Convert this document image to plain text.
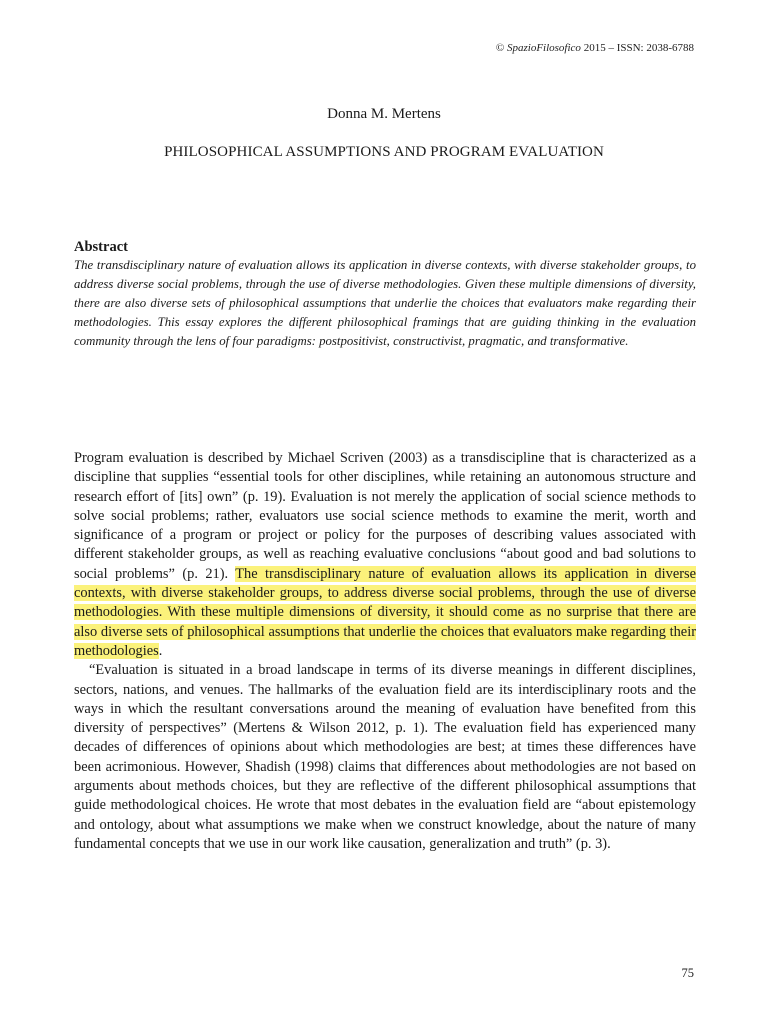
© SpazioFilosofico 2015 – ISSN: 2038-6788
Donna M. Mertens
PHILOSOPHICAL ASSUMPTIONS AND PROGRAM EVALUATION

Abstract

The transdisciplinary nature of evaluation allows its application in diverse contexts, with diverse stakeholder groups, to address diverse social problems, through the use of diverse methodologies. Given these multiple dimensions of diversity, there are also diverse sets of philosophical assumptions that underlie the choices that evaluators make regarding their methodologies. This essay explores the different philosophical framings that are guiding thinking in the evaluation community through the lens of four paradigms: postpositivist, constructivist, pragmatic, and transformative.

Program evaluation is described by Michael Scriven (2003) as a transdiscipline that is characterized as a discipline that supplies “essential tools for other disciplines, while retaining an autonomous structure and research effort of [its] own” (p. 19). Evaluation is not merely the application of social science methods to solve social problems; rather, evaluators use social science methods to examine the merit, worth and significance of a program or project or policy for the purposes of describing values associated with different stakeholder groups, as well as reaching evaluative conclusions “about good and bad solutions to social problems” (p. 21). The transdisciplinary nature of evaluation allows its application in diverse contexts, with diverse stakeholder groups, to address diverse social problems, through the use of diverse methodologies. With these multiple dimensions of diversity, it should come as no surprise that there are also diverse sets of philosophical assumptions that underlie the choices that evaluators make regarding their methodologies.

“Evaluation is situated in a broad landscape in terms of its diverse meanings in different disciplines, sectors, nations, and venues. The hallmarks of the evaluation field are its interdisciplinary roots and the ways in which the resultant conversations around the meaning of evaluation have benefited from this diversity of perspectives” (Mertens & Wilson 2012, p. 1). The evaluation field has experienced many decades of differences of opinions about which methodologies are best; at times these differences have been acrimonious. However, Shadish (1998) claims that differences about methodologies are not based on arguments about methods choices, but they are reflective of the different philosophical assumptions that guide methodological choices. He wrote that most debates in the evaluation field are “about epistemology and ontology, about what assumptions we make when we construct knowledge, about the nature of many fundamental concepts that we use in our work like causation, generalization and truth” (p. 3).

75
